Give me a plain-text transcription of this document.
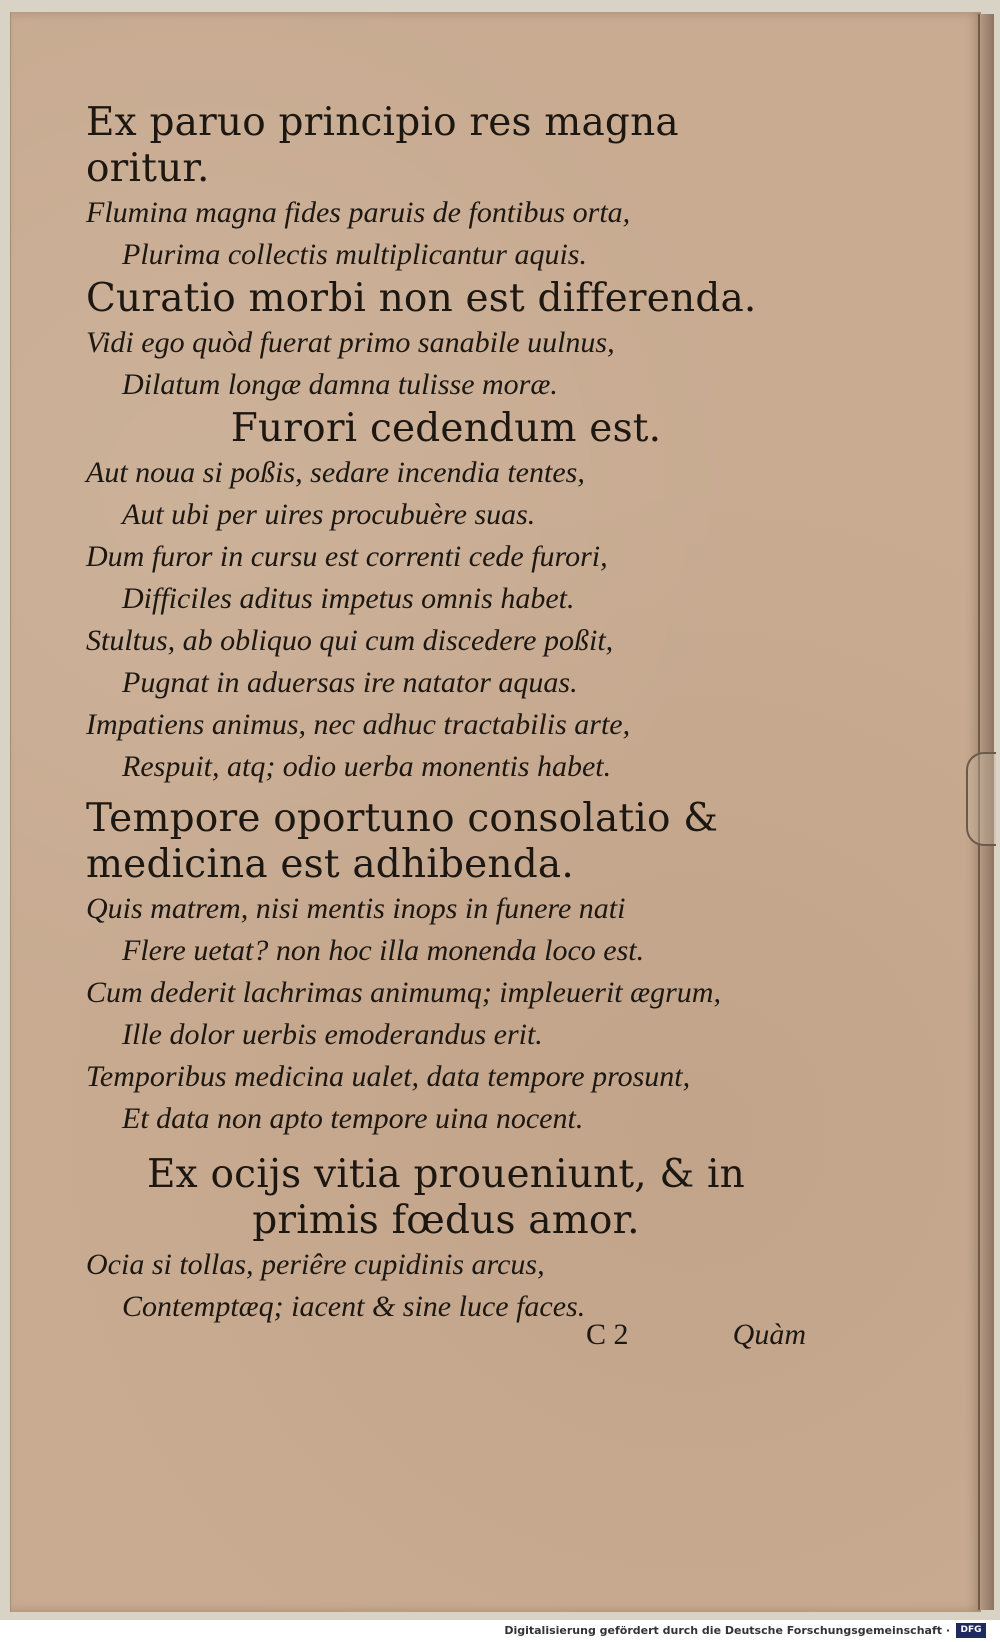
Ex paruo principio res magna oritur.

Flumina magna fides paruis de fontibus orta,

Plurima collectis multiplicantur aquis.

Curatio morbi non est differenda.

Vidi ego quòd fuerat primo sanabile uulnus,

Dilatum longæ damna tulisse moræ.

Furori cedendum est.

Aut noua si poßis, sedare incendia tentes,

Aut ubi per uires procubuère suas.

Dum furor in cursu est correnti cede furori,

Difficiles aditus impetus omnis habet.

Stultus, ab obliquo qui cum discedere poßit,

Pugnat in aduersas ire natator aquas.

Impatiens animus, nec adhuc tractabilis arte,

Respuit, atq; odio uerba monentis habet.

Tempore oportuno consolatio & medicina est adhibenda.

Quis matrem, nisi mentis inops in funere nati

Flere uetat? non hoc illa monenda loco est.

Cum dederit lachrimas animumq; impleuerit ægrum,

Ille dolor uerbis emoderandus erit.

Temporibus medicina ualet, data tempore prosunt,

Et data non apto tempore uina nocent.

Ex ocijs vitia proueniunt, & in primis fœdus amor.

Ocia si tollas, periêre cupidinis arcus,

Contemptæq; iacent & sine luce faces.

C 2	Quàm
Digitalisierung gefördert durch die Deutsche Forschungsgemeinschaft ·	DFG
